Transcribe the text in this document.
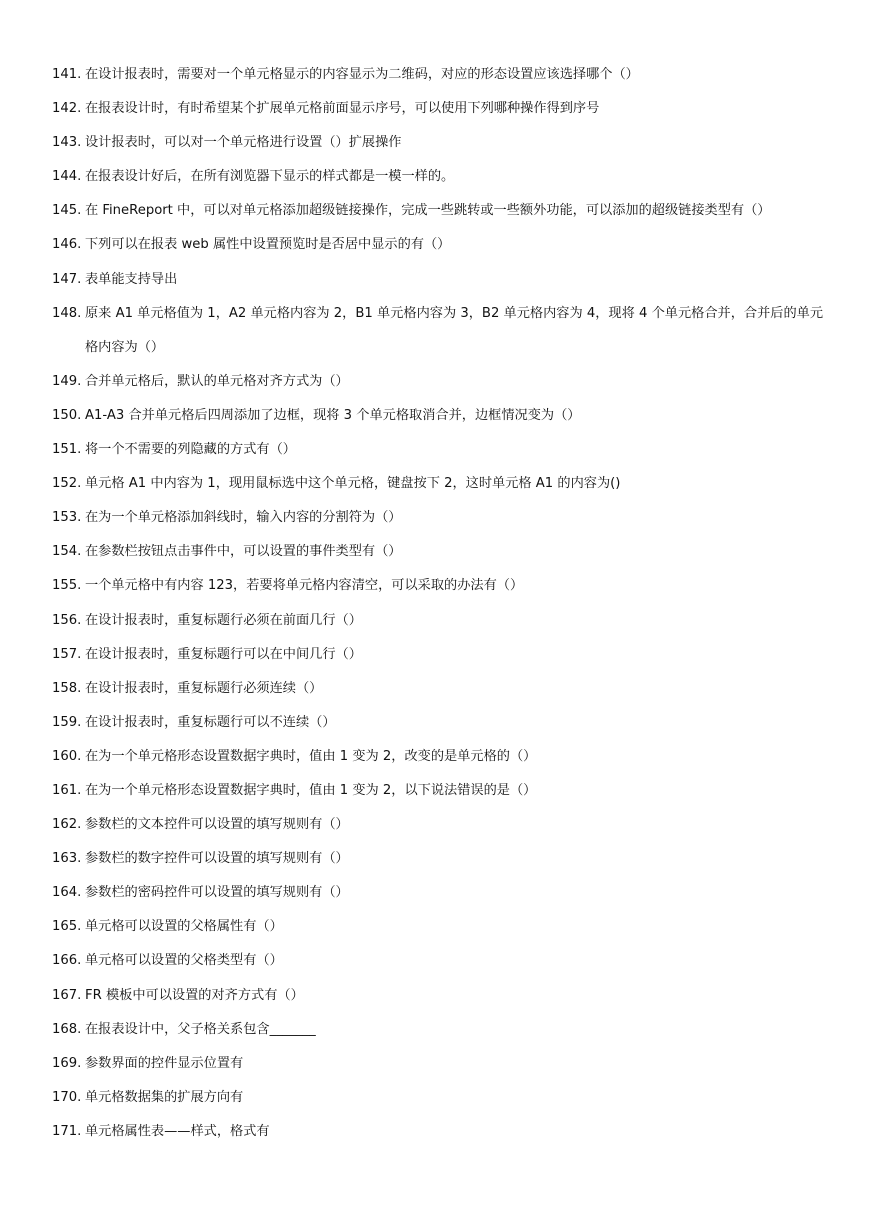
141. 在设计报表时，需要对一个单元格显示的内容显示为二维码，对应的形态设置应该选择哪个（）
142. 在报表设计时，有时希望某个扩展单元格前面显示序号，可以使用下列哪种操作得到序号
143. 设计报表时，可以对一个单元格进行设置（）扩展操作
144. 在报表设计好后，在所有浏览器下显示的样式都是一模一样的。
145. 在 FineReport 中，可以对单元格添加超级链接操作，完成一些跳转或一些额外功能，可以添加的超级链接类型有（）
146. 下列可以在报表 web 属性中设置预览时是否居中显示的有（）
147. 表单能支持导出
148. 原来 A1 单元格值为 1，A2 单元格内容为 2，B1 单元格内容为 3，B2 单元格内容为 4，现将 4 个单元格合并，合并后的单元格内容为（）
149. 合并单元格后，默认的单元格对齐方式为（）
150. A1-A3 合并单元格后四周添加了边框，现将 3 个单元格取消合并，边框情况变为（）
151. 将一个不需要的列隐藏的方式有（）
152. 单元格 A1 中内容为 1，现用鼠标选中这个单元格，键盘按下 2，这时单元格 A1 的内容为()
153. 在为一个单元格添加斜线时，输入内容的分割符为（）
154. 在参数栏按钮点击事件中，可以设置的事件类型有（）
155. 一个单元格中有内容 123，若要将单元格内容清空，可以采取的办法有（）
156. 在设计报表时，重复标题行必须在前面几行（）
157. 在设计报表时，重复标题行可以在中间几行（）
158. 在设计报表时，重复标题行必须连续（）
159. 在设计报表时，重复标题行可以不连续（）
160. 在为一个单元格形态设置数据字典时，值由 1 变为 2，改变的是单元格的（）
161. 在为一个单元格形态设置数据字典时，值由 1 变为 2，以下说法错误的是（）
162. 参数栏的文本控件可以设置的填写规则有（）
163. 参数栏的数字控件可以设置的填写规则有（）
164. 参数栏的密码控件可以设置的填写规则有（）
165. 单元格可以设置的父格属性有（）
166. 单元格可以设置的父格类型有（）
167. FR 模板中可以设置的对齐方式有（）
168. 在报表设计中，父子格关系包含_______
169. 参数界面的控件显示位置有
170. 单元格数据集的扩展方向有
171. 单元格属性表——样式，格式有
